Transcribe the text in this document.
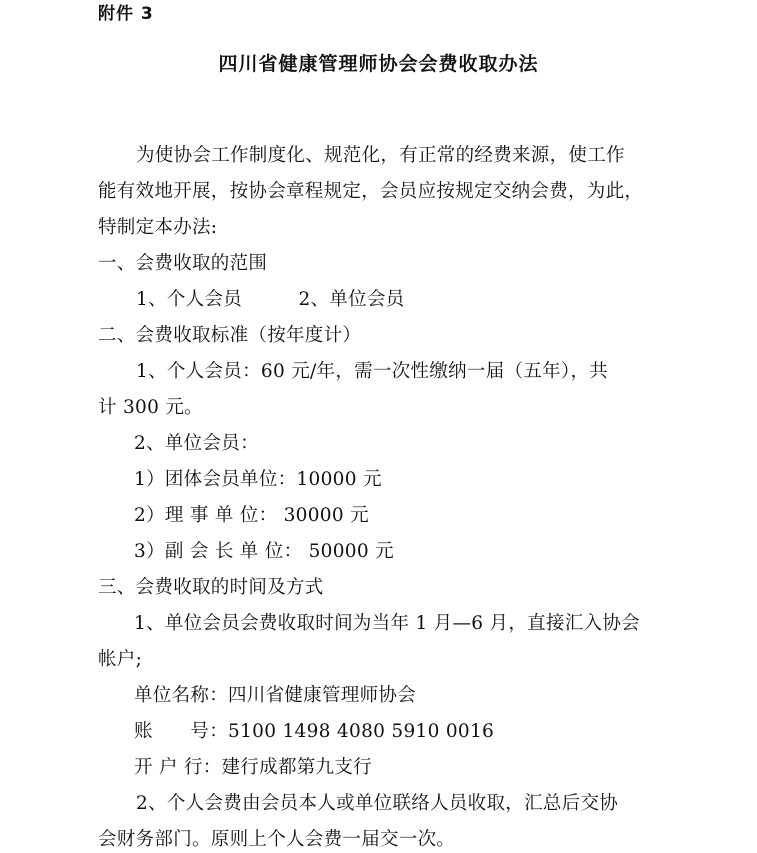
附件 3
四川省健康管理师协会会费收取办法
为使协会工作制度化、规范化，有正常的经费来源，使工作
能有效地开展，按协会章程规定，会员应按规定交纳会费，为此，
特制定本办法:
一、会费收取的范围
1、个人会员　　　2、单位会员
二、会费收取标准（按年度计）
1、个人会员：60 元/年，需一次性缴纳一届（五年），共
计 300 元。
2、单位会员：
1）团体会员单位：10000 元
2）理 事 单 位： 30000 元
3）副 会 长 单 位： 50000 元
三、会费收取的时间及方式
1、单位会员会费收取时间为当年 1 月—6 月，直接汇入协会
帐户;
单位名称：四川省健康管理师协会
账　　号：5100 1498 4080 5910 0016
开 户 行：建行成都第九支行
2、个人会费由会员本人或单位联络人员收取，汇总后交协
会财务部门。原则上个人会费一届交一次。
